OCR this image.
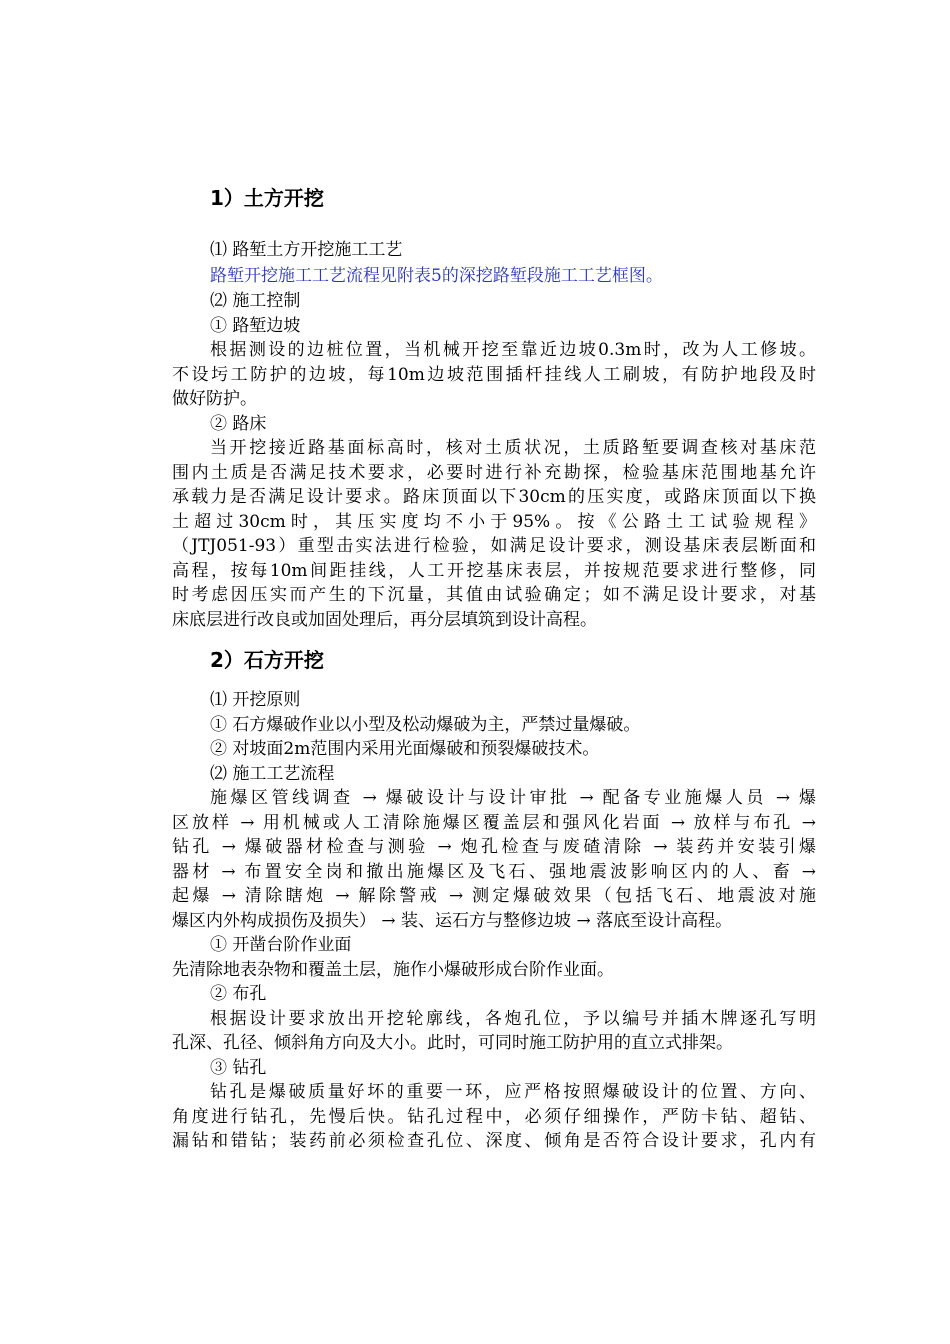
1）土方开挖
⑴ 路堑土方开挖施工工艺
路堑开挖施工工艺流程见附表5的深挖路堑段施工工艺框图。
⑵ 施工控制
① 路堑边坡
根据测设的边桩位置，当机械开挖至靠近边坡0.3m时，改为人工修坡。
不设圬工防护的边坡，每10m边坡范围插杆挂线人工刷坡，有防护地段及时
做好防护。
② 路床
当开挖接近路基面标高时，核对土质状况，土质路堑要调查核对基床范
围内土质是否满足技术要求，必要时进行补充勘探，检验基床范围地基允许
承载力是否满足设计要求。路床顶面以下30cm的压实度，或路床顶面以下换
土超过30cm时，其压实度均不小于95%。按《公路土工试验规程》
（JTJ051-93）重型击实法进行检验，如满足设计要求，测设基床表层断面和
高程，按每10m间距挂线，人工开挖基床表层，并按规范要求进行整修，同
时考虑因压实而产生的下沉量，其值由试验确定；如不满足设计要求，对基
床底层进行改良或加固处理后，再分层填筑到设计高程。
2）石方开挖
⑴ 开挖原则
① 石方爆破作业以小型及松动爆破为主，严禁过量爆破。
② 对坡面2m范围内采用光面爆破和预裂爆破技术。
⑵ 施工工艺流程
施爆区管线调查 → 爆破设计与设计审批 → 配备专业施爆人员 → 爆
区放样 → 用机械或人工清除施爆区覆盖层和强风化岩面 → 放样与布孔 →
钻孔 → 爆破器材检查与测验 → 炮孔检查与废碴清除 → 装药并安装引爆
器材 → 布置安全岗和撤出施爆区及飞石、强地震波影响区内的人、畜 →
起爆 → 清除瞎炮 → 解除警戒 → 测定爆破效果（包括飞石、地震波对施
爆区内外构成损伤及损失） → 装、运石方与整修边坡 → 落底至设计高程。
① 开凿台阶作业面
先清除地表杂物和覆盖土层，施作小爆破形成台阶作业面。
② 布孔
根据设计要求放出开挖轮廓线，各炮孔位，予以编号并插木牌逐孔写明
孔深、孔径、倾斜角方向及大小。此时，可同时施工防护用的直立式排架。
③ 钻孔
钻孔是爆破质量好坏的重要一环，应严格按照爆破设计的位置、方向、
角度进行钻孔，先慢后快。钻孔过程中，必须仔细操作，严防卡钻、超钻、
漏钻和错钻；装药前必须检查孔位、深度、倾角是否符合设计要求，孔内有
